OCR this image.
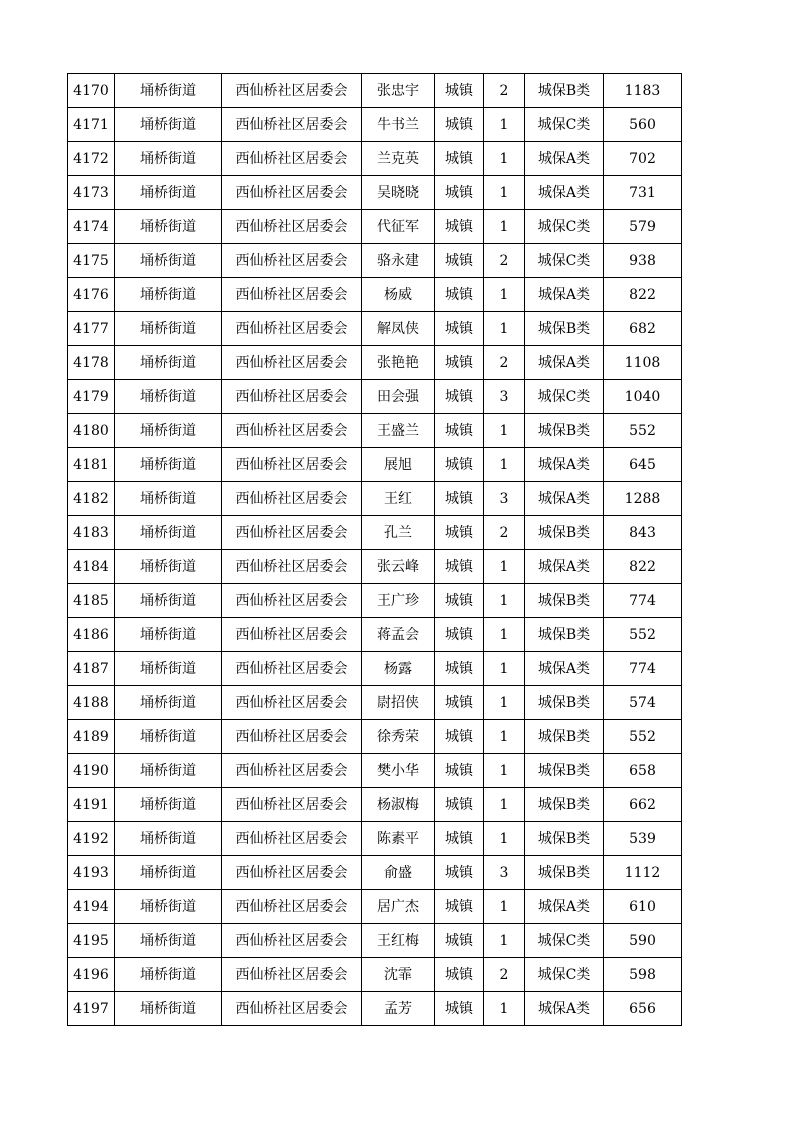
4170	埇桥街道	西仙桥社区居委会	张忠宇	城镇	2	城保B类	1183
4171	埇桥街道	西仙桥社区居委会	牛书兰	城镇	1	城保C类	560
4172	埇桥街道	西仙桥社区居委会	兰克英	城镇	1	城保A类	702
4173	埇桥街道	西仙桥社区居委会	吴晓晓	城镇	1	城保A类	731
4174	埇桥街道	西仙桥社区居委会	代征军	城镇	1	城保C类	579
4175	埇桥街道	西仙桥社区居委会	骆永建	城镇	2	城保C类	938
4176	埇桥街道	西仙桥社区居委会	杨威	城镇	1	城保A类	822
4177	埇桥街道	西仙桥社区居委会	解凤侠	城镇	1	城保B类	682
4178	埇桥街道	西仙桥社区居委会	张艳艳	城镇	2	城保A类	1108
4179	埇桥街道	西仙桥社区居委会	田会强	城镇	3	城保C类	1040
4180	埇桥街道	西仙桥社区居委会	王盛兰	城镇	1	城保B类	552
4181	埇桥街道	西仙桥社区居委会	展旭	城镇	1	城保A类	645
4182	埇桥街道	西仙桥社区居委会	王红	城镇	3	城保A类	1288
4183	埇桥街道	西仙桥社区居委会	孔兰	城镇	2	城保B类	843
4184	埇桥街道	西仙桥社区居委会	张云峰	城镇	1	城保A类	822
4185	埇桥街道	西仙桥社区居委会	王广珍	城镇	1	城保B类	774
4186	埇桥街道	西仙桥社区居委会	蒋孟会	城镇	1	城保B类	552
4187	埇桥街道	西仙桥社区居委会	杨露	城镇	1	城保A类	774
4188	埇桥街道	西仙桥社区居委会	尉招侠	城镇	1	城保B类	574
4189	埇桥街道	西仙桥社区居委会	徐秀荣	城镇	1	城保B类	552
4190	埇桥街道	西仙桥社区居委会	樊小华	城镇	1	城保B类	658
4191	埇桥街道	西仙桥社区居委会	杨淑梅	城镇	1	城保B类	662
4192	埇桥街道	西仙桥社区居委会	陈素平	城镇	1	城保B类	539
4193	埇桥街道	西仙桥社区居委会	俞盛	城镇	3	城保B类	1112
4194	埇桥街道	西仙桥社区居委会	居广杰	城镇	1	城保A类	610
4195	埇桥街道	西仙桥社区居委会	王红梅	城镇	1	城保C类	590
4196	埇桥街道	西仙桥社区居委会	沈霏	城镇	2	城保C类	598
4197	埇桥街道	西仙桥社区居委会	孟芳	城镇	1	城保A类	656
